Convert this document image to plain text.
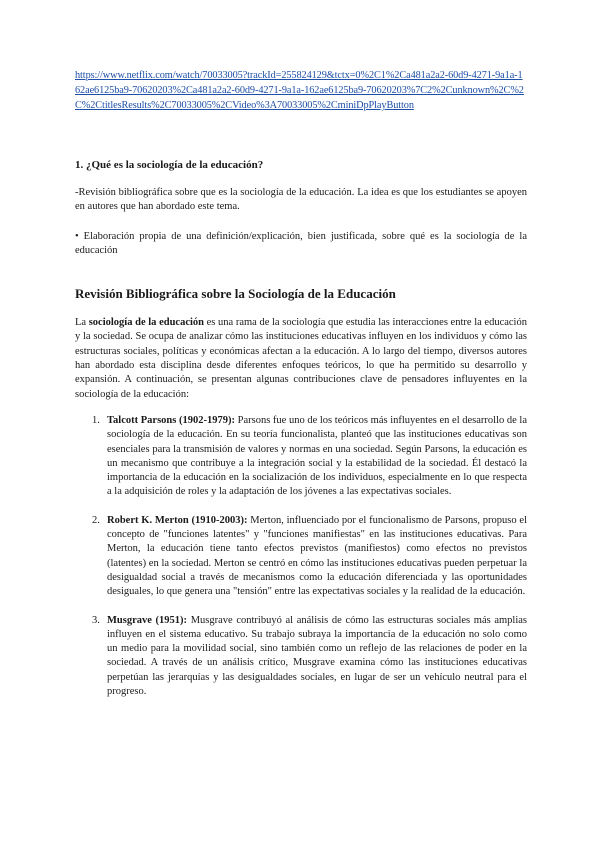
https://www.netflix.com/watch/70033005?trackId=255824129&tctx=0%2C1%2Ca481a2a2-60d9-4271-9a1a-162ae6125ba9-70620203%2Ca481a2a2-60d9-4271-9a1a-162ae6125ba9-70620203%7C2%2Cunknown%2C%2C%2CtitlesResults%2C70033005%2CVideo%3A70033005%2CminiDpPlayButton
1. ¿Qué es la sociología de la educación?

-Revisión bibliográfica sobre que es la sociología de la educación. La idea es que los estudiantes se apoyen en autores que han abordado este tema.

• Elaboración propia de una definición/explicación, bien justificada, sobre qué es la sociología de la educación

Revisión Bibliográfica sobre la Sociología de la Educación

La sociología de la educación es una rama de la sociología que estudia las interacciones entre la educación y la sociedad. Se ocupa de analizar cómo las instituciones educativas influyen en los individuos y cómo las estructuras sociales, políticas y económicas afectan a la educación. A lo largo del tiempo, diversos autores han abordado esta disciplina desde diferentes enfoques teóricos, lo que ha permitido su desarrollo y expansión. A continuación, se presentan algunas contribuciones clave de pensadores influyentes en la sociología de la educación:

1. Talcott Parsons (1902-1979): Parsons fue uno de los teóricos más influyentes en el desarrollo de la sociología de la educación. En su teoría funcionalista, planteó que las instituciones educativas son esenciales para la transmisión de valores y normas en una sociedad. Según Parsons, la educación es un mecanismo que contribuye a la integración social y la estabilidad de la sociedad. Él destacó la importancia de la educación en la socialización de los individuos, especialmente en lo que respecta a la adquisición de roles y la adaptación de los jóvenes a las expectativas sociales.
2. Robert K. Merton (1910-2003): Merton, influenciado por el funcionalismo de Parsons, propuso el concepto de "funciones latentes" y "funciones manifiestas" en las instituciones educativas. Para Merton, la educación tiene tanto efectos previstos (manifiestos) como efectos no previstos (latentes) en la sociedad. Merton se centró en cómo las instituciones educativas pueden perpetuar la desigualdad social a través de mecanismos como la educación diferenciada y las oportunidades desiguales, lo que genera una "tensión" entre las expectativas sociales y la realidad de la educación.
3. Musgrave (1951): Musgrave contribuyó al análisis de cómo las estructuras sociales más amplias influyen en el sistema educativo. Su trabajo subraya la importancia de la educación no solo como un medio para la movilidad social, sino también como un reflejo de las relaciones de poder en la sociedad. A través de un análisis crítico, Musgrave examina cómo las instituciones educativas perpetúan las jerarquías y las desigualdades sociales, en lugar de ser un vehículo neutral para el progreso.
